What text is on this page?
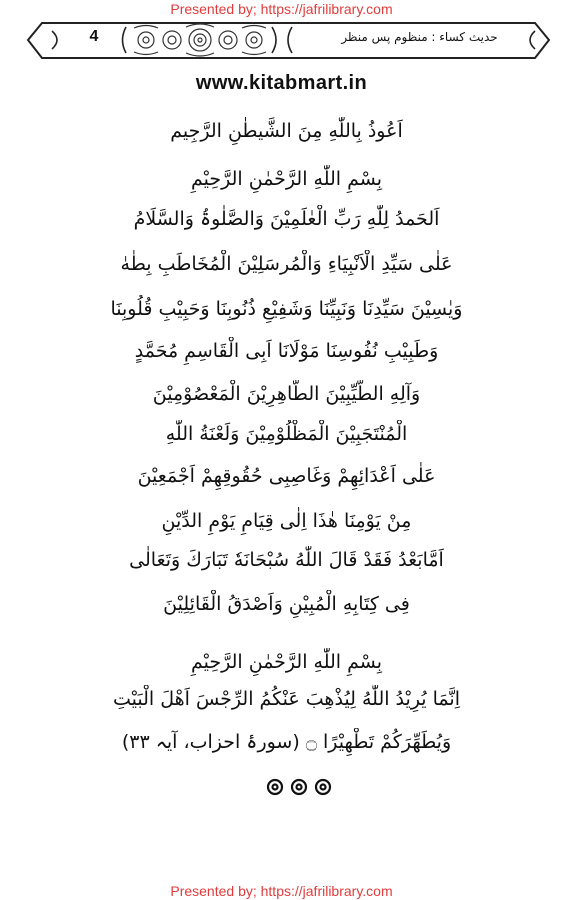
Presented by; https://jafrilibrary.com
4	حدیث کساء : منظوم پس منظر
www.kitabmart.in
اَعُوذُ بِاللّٰهِ مِنَ الشَّیطٰنِ الرَّجِیم
بِسْمِ اللّٰهِ الرَّحْمٰنِ الرَّحِیْمِ
اَلحَمدُ لِلّٰهِ رَبِّ الْعٰلَمِیْنَ وَالصَّلٰوۃُ وَالسَّلَامُ
عَلٰی سَیِّدِ الْاَنْبِیَاءِ وَالْمُرسَلِیْنَ الْمُخَاطَبِ بِطٰهٰ
وَیٰسِیْنَ سَیِّدِنَا وَنَبِیِّنَا وَشَفِیْعِ ذُنُوبِنَا وَحَبِیْبِ قُلُوبِنَا
وَطَبِیْبِ نُفُوسِنَا مَوْلَانَا اَبِی الْقَاسِمِ مُحَمَّدٍ
وَآلِهِ الطَّیِّبِیْنَ الطَّاهِرِیْنَ الْمَعْصُوْمِیْنَ
الْمُنْتَجَبِیْنَ الْمَظْلُوْمِیْنَ وَلَعْنَةُ اللّٰهِ
عَلٰی اَعْدَائِهِمْ وَغَاصِبِی حُقُوقِهِمْ اَجْمَعِیْنَ
مِنْ یَوْمِنَا هٰذَا اِلٰی قِیَامِ یَوْمِ الدِّیْنِ
اَمَّابَعْدُ فَقَدْ قَالَ اللّٰهُ سُبْحَانَهٗ تَبَارَكَ وَتَعَالٰی
فِی کِتَابِهِ الْمُبِیْنِ وَاَصْدَقُ الْقَائِلِیْنَ
بِسْمِ اللّٰهِ الرَّحْمٰنِ الرَّحِیْمِ
اِنَّمَا یُرِیْدُ اللّٰهُ لِیُذْهِبَ عَنْكُمُ الرِّجْسَ اَهْلَ الْبَیْتِ
وَیُطَهِّرَكُمْ تَطْهِیْرًا ۝ (سورۂ احزاب، آیہ ۳۳)
Presented by; https://jafrilibrary.com
